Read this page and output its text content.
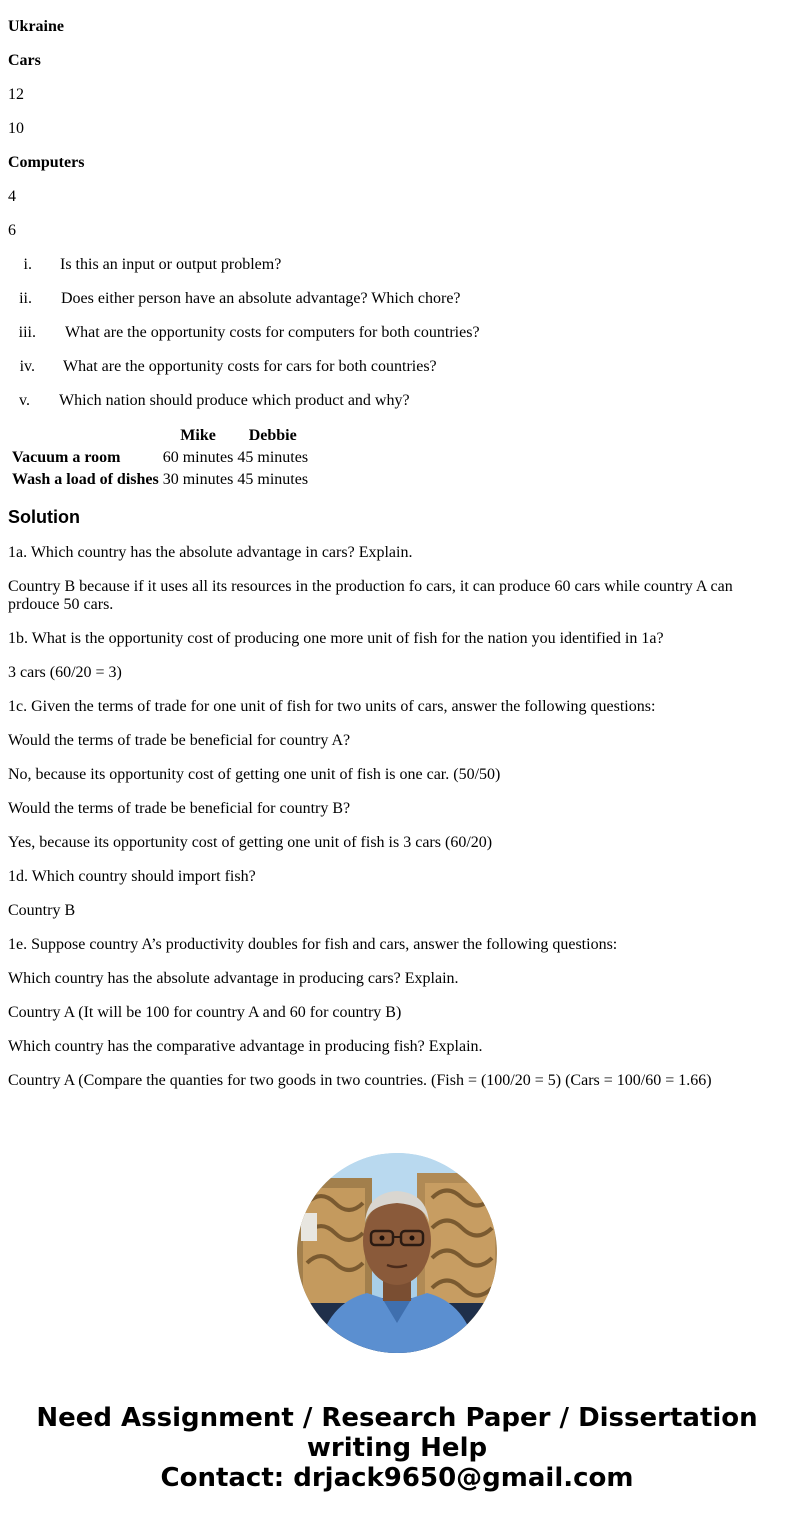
Ukraine

Cars

12

10

Computers

4

6

i. Is this an input or output problem?
ii. Does either person have an absolute advantage? Which chore?
iii. What are the opportunity costs for computers for both countries?
iv. What are the opportunity costs for cars for both countries?
v. Which nation should produce which product and why?
	Mike	Debbie
Vacuum a room	60 minutes	45 minutes
Wash a load of dishes	30 minutes	45 minutes
Solution

1a. Which country has the absolute advantage in cars? Explain.

Country B because if it uses all its resources in the production fo cars, it can produce 60 cars while country A can prdouce 50 cars.

1b. What is the opportunity cost of producing one more unit of fish for the nation you identified in 1a?

3 cars (60/20 = 3)

1c. Given the terms of trade for one unit of fish for two units of cars, answer the following questions:

Would the terms of trade be beneficial for country A?

No, because its opportunity cost of getting one unit of fish is one car. (50/50)

Would the terms of trade be beneficial for country B?

Yes, because its opportunity cost of getting one unit of fish is 3 cars (60/20)

1d. Which country should import fish?

Country B

1e. Suppose country A’s productivity doubles for fish and cars, answer the following questions:

Which country has the absolute advantage in producing cars? Explain.

Country A (It will be 100 for country A and 60 for country B)

Which country has the comparative advantage in producing fish? Explain.

Country A (Compare the quanties for two goods in two countries. (Fish = (100/20 = 5) (Cars = 100/60 = 1.66)

Need Assignment / Research Paper / Dissertation
writing Help
Contact: drjack9650@gmail.com
